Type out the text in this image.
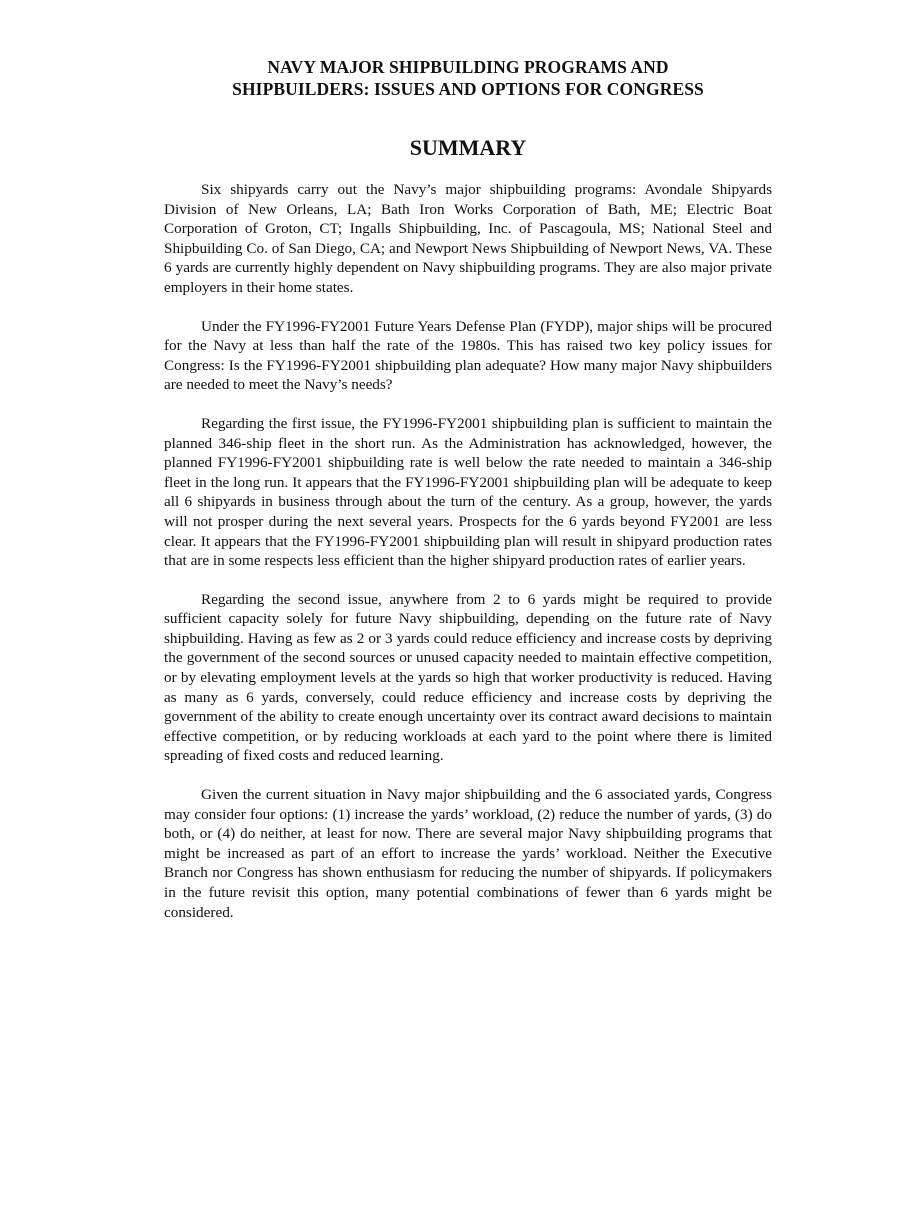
NAVY MAJOR SHIPBUILDING PROGRAMS AND
SHIPBUILDERS: ISSUES AND OPTIONS FOR CONGRESS
SUMMARY

Six shipyards carry out the Navy’s major shipbuilding programs: Avondale Shipyards Division of New Orleans, LA; Bath Iron Works Corporation of Bath, ME; Electric Boat Corporation of Groton, CT; Ingalls Shipbuilding, Inc. of Pascagoula, MS; National Steel and Shipbuilding Co. of San Diego, CA; and Newport News Shipbuilding of Newport News, VA. These 6 yards are currently highly dependent on Navy shipbuilding programs. They are also major private employers in their home states.

Under the FY1996-FY2001 Future Years Defense Plan (FYDP), major ships will be procured for the Navy at less than half the rate of the 1980s. This has raised two key policy issues for Congress: Is the FY1996-FY2001 shipbuilding plan adequate? How many major Navy shipbuilders are needed to meet the Navy’s needs?

Regarding the first issue, the FY1996-FY2001 shipbuilding plan is sufficient to maintain the planned 346-ship fleet in the short run. As the Administration has acknowledged, however, the planned FY1996-FY2001 shipbuilding rate is well below the rate needed to maintain a 346-ship fleet in the long run. It appears that the FY1996-FY2001 shipbuilding plan will be adequate to keep all 6 shipyards in business through about the turn of the century. As a group, however, the yards will not prosper during the next several years. Prospects for the 6 yards beyond FY2001 are less clear. It appears that the FY1996-FY2001 shipbuilding plan will result in shipyard production rates that are in some respects less efficient than the higher shipyard production rates of earlier years.

Regarding the second issue, anywhere from 2 to 6 yards might be required to provide sufficient capacity solely for future Navy shipbuilding, depending on the future rate of Navy shipbuilding. Having as few as 2 or 3 yards could reduce efficiency and increase costs by depriving the government of the second sources or unused capacity needed to maintain effective competition, or by elevating employment levels at the yards so high that worker productivity is reduced. Having as many as 6 yards, conversely, could reduce efficiency and increase costs by depriving the government of the ability to create enough uncertainty over its contract award decisions to maintain effective competition, or by reducing workloads at each yard to the point where there is limited spreading of fixed costs and reduced learning.

Given the current situation in Navy major shipbuilding and the 6 associated yards, Congress may consider four options: (1) increase the yards’ workload, (2) reduce the number of yards, (3) do both, or (4) do neither, at least for now. There are several major Navy shipbuilding programs that might be increased as part of an effort to increase the yards’ workload. Neither the Executive Branch nor Congress has shown enthusiasm for reducing the number of shipyards. If policymakers in the future revisit this option, many potential combinations of fewer than 6 yards might be considered.
